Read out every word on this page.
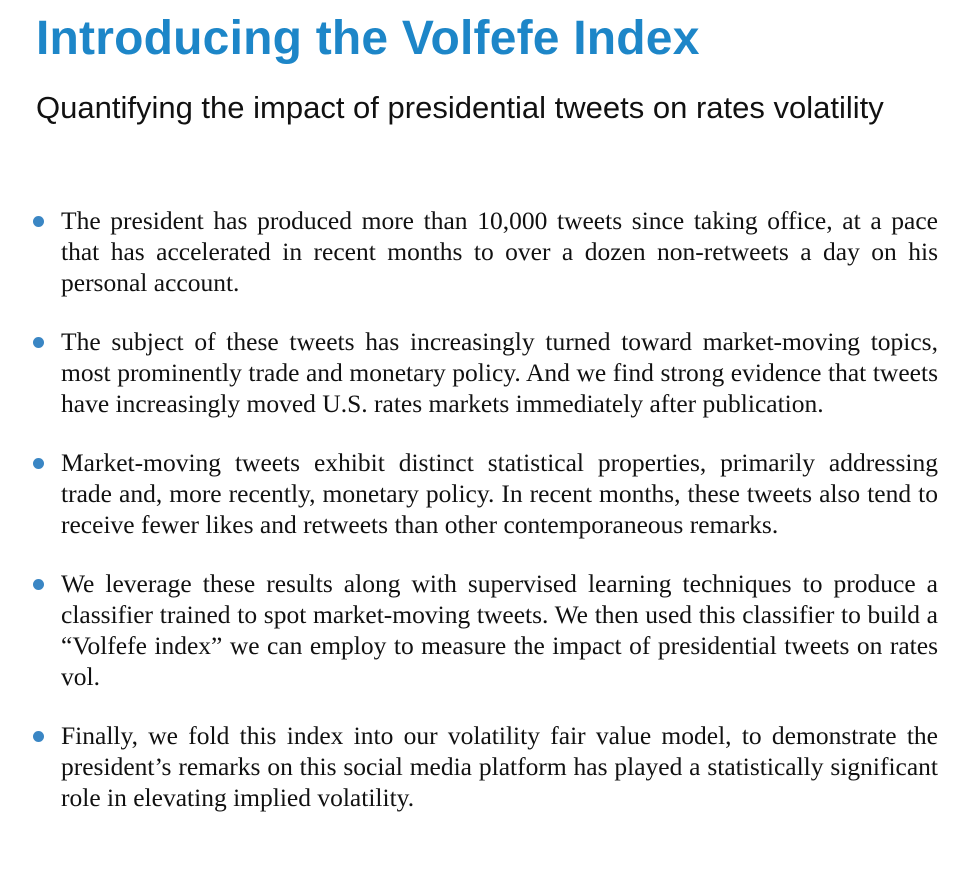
Introducing the Volfefe Index
Quantifying the impact of presidential tweets on rates volatility
The president has produced more than 10,000 tweets since taking office, at a pace that has accelerated in recent months to over a dozen non-retweets a day on his personal account.
The subject of these tweets has increasingly turned toward market-moving topics, most prominently trade and monetary policy. And we find strong evidence that tweets have increasingly moved U.S. rates markets immediately after publication.
Market-moving tweets exhibit distinct statistical properties, primarily addressing trade and, more recently, monetary policy. In recent months, these tweets also tend to receive fewer likes and retweets than other contemporaneous remarks.
We leverage these results along with supervised learning techniques to produce a classifier trained to spot market-moving tweets. We then used this classifier to build a “Volfefe index” we can employ to measure the impact of presidential tweets on rates vol.
Finally, we fold this index into our volatility fair value model, to demonstrate the president’s remarks on this social media platform has played a statistically significant role in elevating implied volatility.
